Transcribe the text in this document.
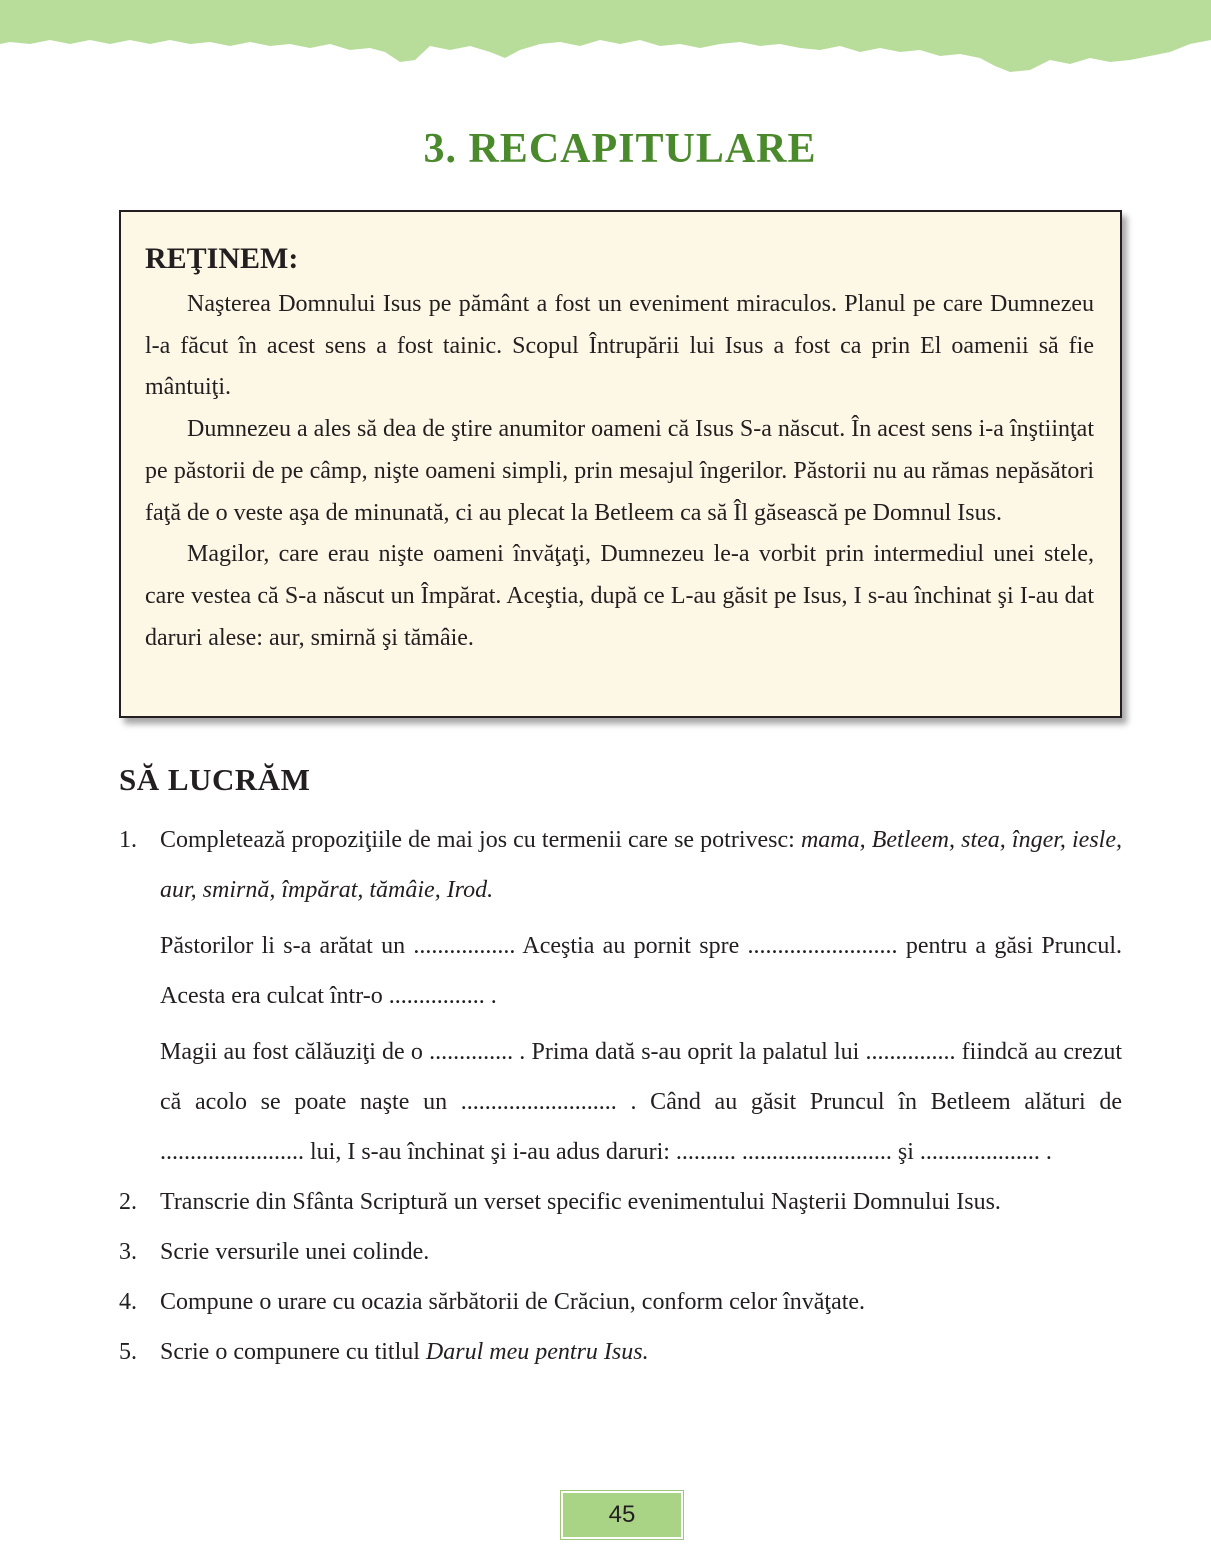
3. RECAPITULARE
REŢINEM:

Naşterea Domnului Isus pe pământ a fost un eveniment miraculos. Planul pe care Dumnezeu l-a făcut în acest sens a fost tainic. Scopul Întrupării lui Isus a fost ca prin El oamenii să fie mântuiţi.

Dumnezeu a ales să dea de ştire anumitor oameni că Isus S-a născut. În acest sens i-a înştiinţat pe păstorii de pe câmp, nişte oameni simpli, prin mesajul îngerilor. Păstorii nu au rămas nepăsători faţă de o veste aşa de minunată, ci au plecat la Betleem ca să Îl găsească pe Domnul Isus.

Magilor, care erau nişte oameni învăţaţi, Dumnezeu le-a vorbit prin intermediul unei stele, care vestea că S-a născut un Împărat. Aceştia, după ce L-au găsit pe Isus, I s-au închinat şi I-au dat daruri alese: aur, smirnă şi tămâie.

SĂ LUCRĂM
1. Completează propoziţiile de mai jos cu termenii care se potrivesc: mama, Betleem, stea, înger, iesle, aur, smirnă, împărat, tămâie, Irod.
Păstorilor li s-a arătat un ................. Aceştia au pornit spre ......................... pentru a găsi Pruncul. Acesta era culcat într-o ................ .
Magii au fost călăuziţi de o .............. . Prima dată s-au oprit la palatul lui ............... fiindcă au crezut că acolo se poate naşte un .......................... . Când au găsit Pruncul în Betleem alături de ........................ lui, I s-au închinat şi i-au adus daruri: .......... ......................... şi .................... .
2. Transcrie din Sfânta Scriptură un verset specific evenimentului Naşterii Domnului Isus.
3. Scrie versurile unei colinde.
4. Compune o urare cu ocazia sărbătorii de Crăciun, conform celor învăţate.
5. Scrie o compunere cu titlul Darul meu pentru Isus.
45
